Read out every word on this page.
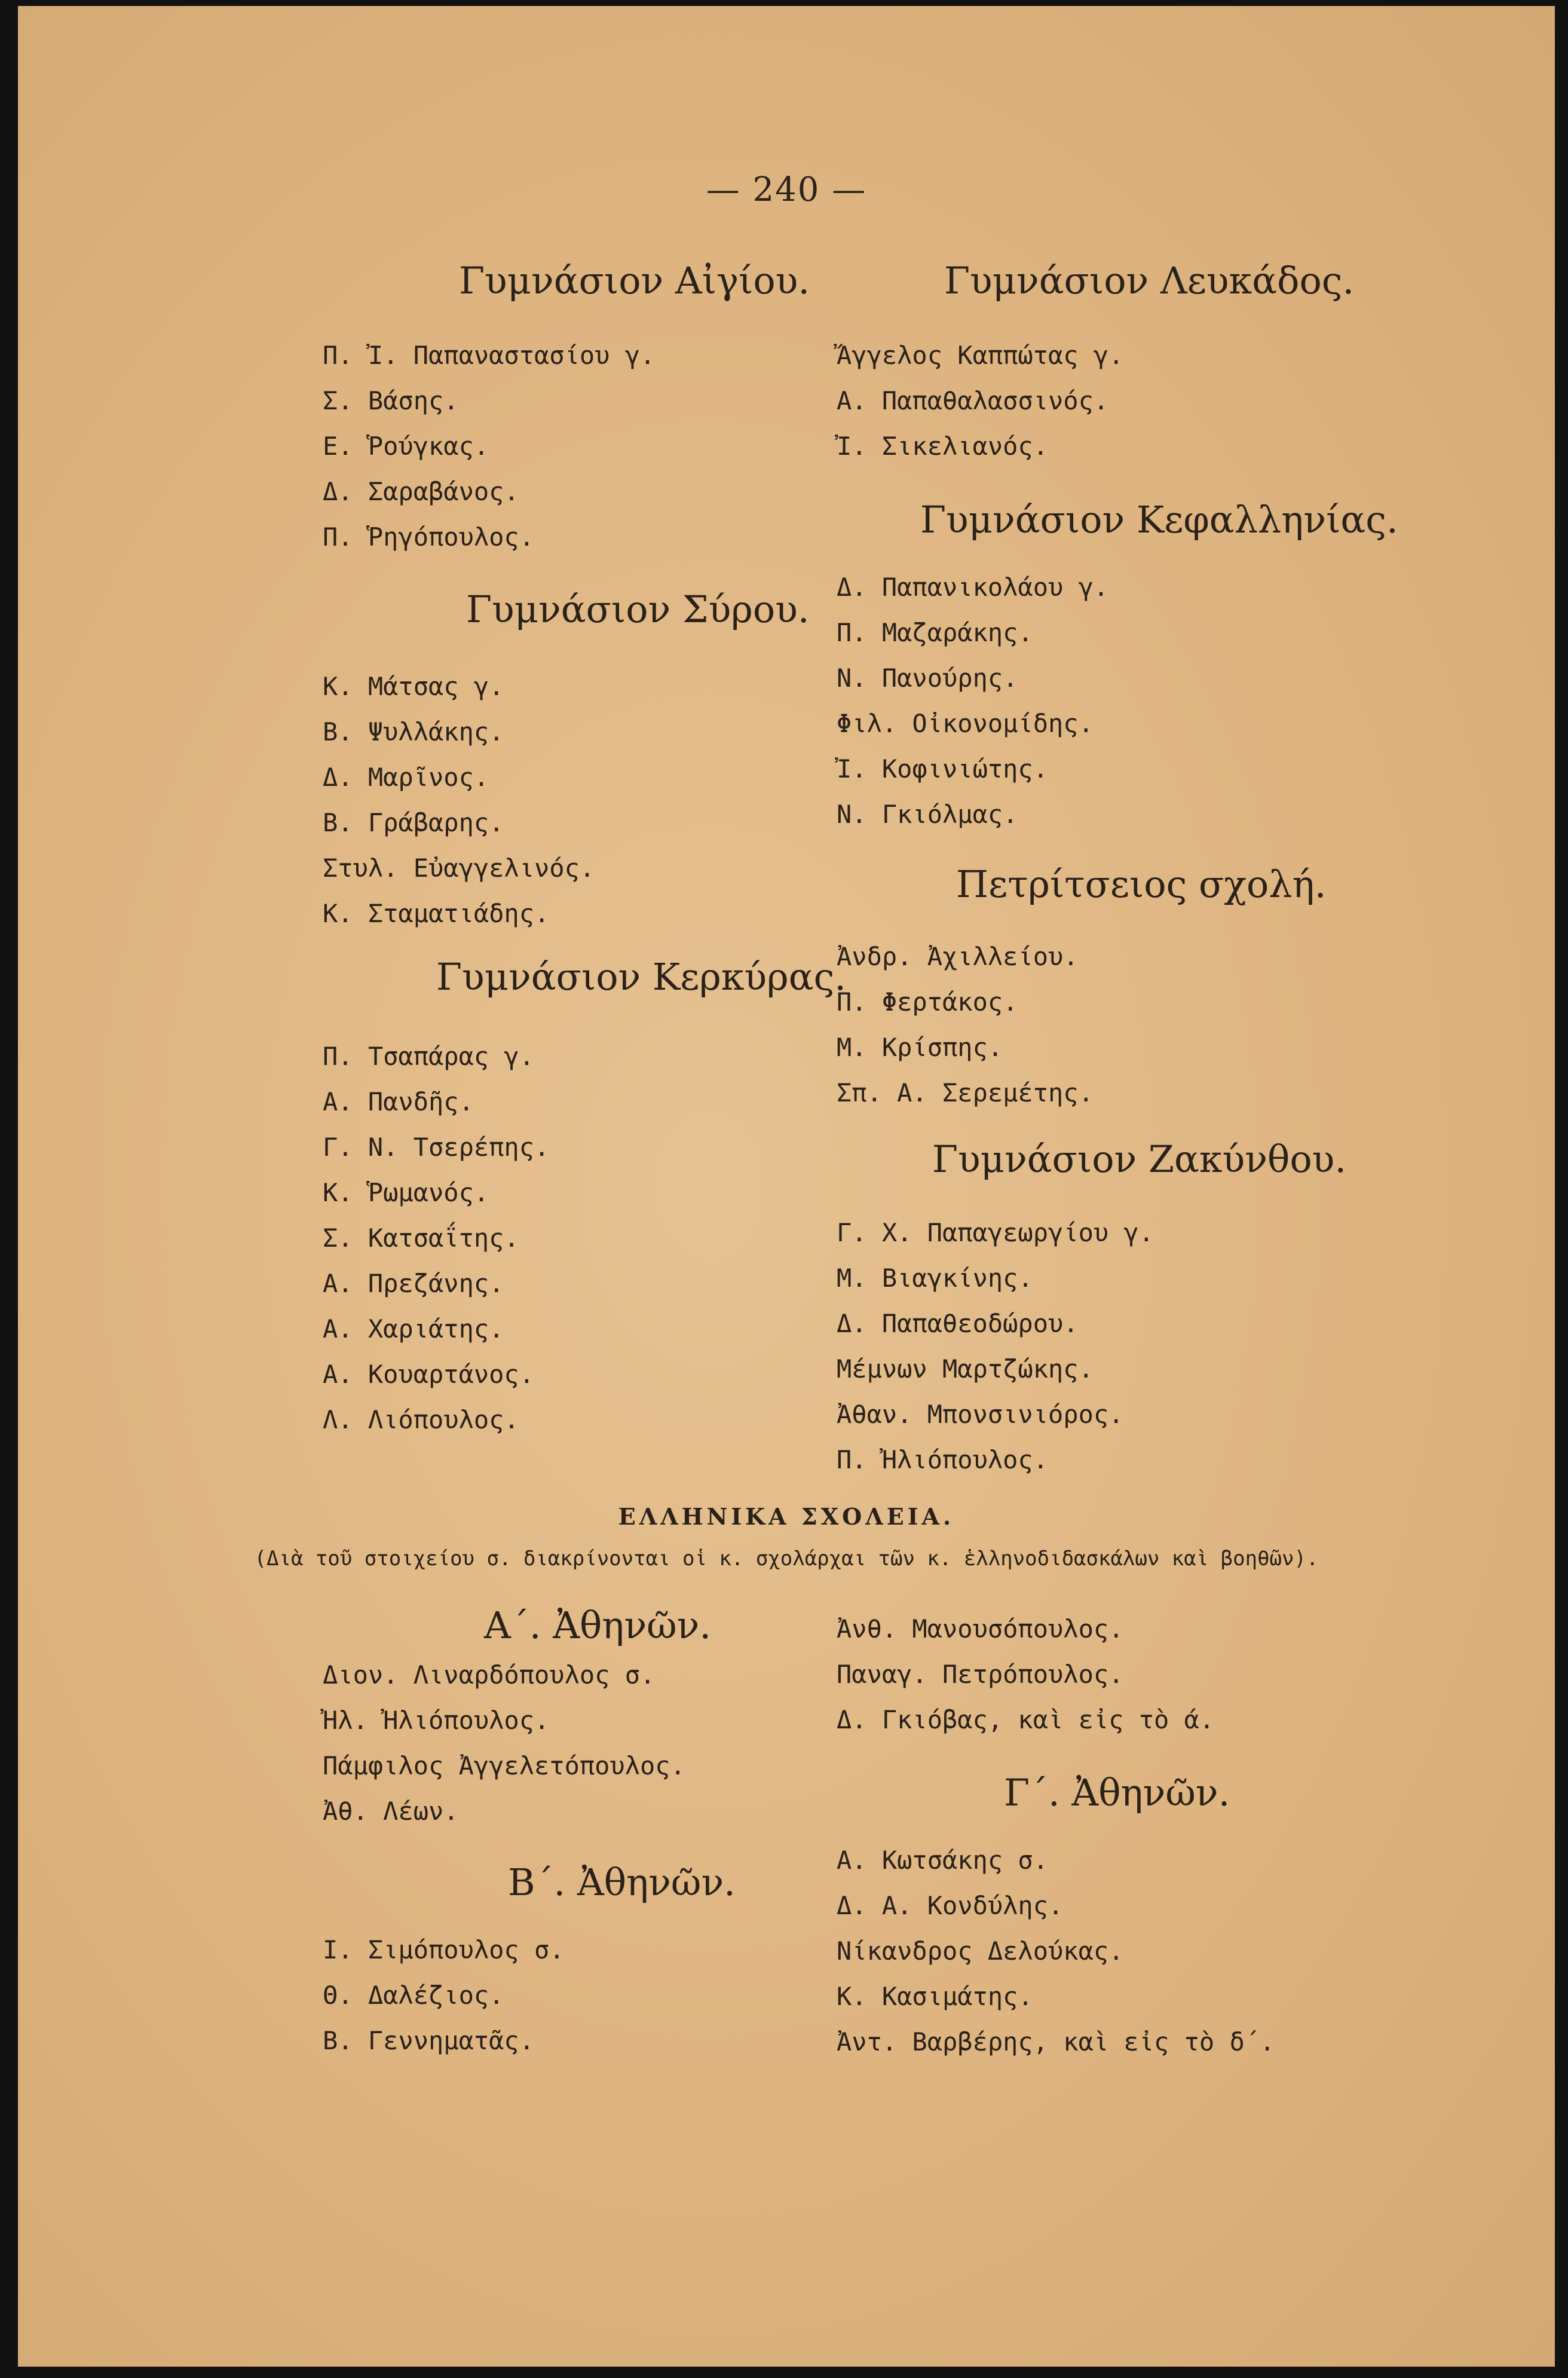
— 240 —
Γυμνάσιον Αἰγίου.
Π. Ἰ. Παπαναστασίου γ.
Σ. Βάσης.
Ε. Ῥούγκας.
Δ. Σαραβάνος.
Π. Ῥηγόπουλος.
Γυμνάσιον Σύρου.
Κ. Μάτσας γ.
Β. Ψυλλάκης.
Δ. Μαρῖνος.
Β. Γράβαρης.
Στυλ. Εὐαγγελινός.
Κ. Σταματιάδης.
Γυμνάσιον Κερκύρας.
Π. Τσαπάρας γ.
Α. Πανδῆς.
Γ. Ν. Τσερέπης.
Κ. Ῥωμανός.
Σ. Κατσαΐτης.
Α. Πρεζάνης.
Α. Χαριάτης.
Α. Κουαρτάνος.
Λ. Λιόπουλος.
Γυμνάσιον Λευκάδος.
Ἄγγελος Καππώτας γ.
Α. Παπαθαλασσινός.
Ἰ. Σικελιανός.
Γυμνάσιον Κεφαλληνίας.
Δ. Παπανικολάου γ.
Π. Μαζαράκης.
Ν. Πανούρης.
Φιλ. Οἰκονομίδης.
Ἰ. Κοφινιώτης.
Ν. Γκιόλμας.
Πετρίτσειος σχολή.
Ἀνδρ. Ἀχιλλείου.
Π. Φερτάκος.
Μ. Κρίσπης.
Σπ. Α. Σερεμέτης.
Γυμνάσιον Ζακύνθου.
Γ. Χ. Παπαγεωργίου γ.
Μ. Βιαγκίνης.
Δ. Παπαθεοδώρου.
Μέμνων Μαρτζώκης.
Ἀθαν. Μπονσινιόρος.
Π. Ἠλιόπουλος.
ΕΛΛΗΝΙΚΑ ΣΧΟΛΕΙΑ.
(Διὰ τοῦ στοιχείου σ. διακρίνονται οἱ κ. σχολάρχαι τῶν κ. ἑλληνοδιδασκάλων καὶ βοηθῶν).
Α΄. Ἀθηνῶν.
Διον. Λιναρδόπουλος σ.
Ἠλ. Ἠλιόπουλος.
Πάμφιλος Ἀγγελετόπουλος.
Ἀθ. Λέων.
Β΄. Ἀθηνῶν.
Ι. Σιμόπουλος σ.
Θ. Δαλέζιος.
Β. Γεννηματᾶς.
Ἀνθ. Μανουσόπουλος.
Παναγ. Πετρόπουλος.
Δ. Γκιόβας, καὶ εἰς τὸ ά.
Γ΄. Ἀθηνῶν.
Α. Κωτσάκης σ.
Δ. Α. Κονδύλης.
Νίκανδρος Δελούκας.
Κ. Κασιμάτης.
Ἀντ. Βαρβέρης, καὶ εἰς τὸ δ΄.
